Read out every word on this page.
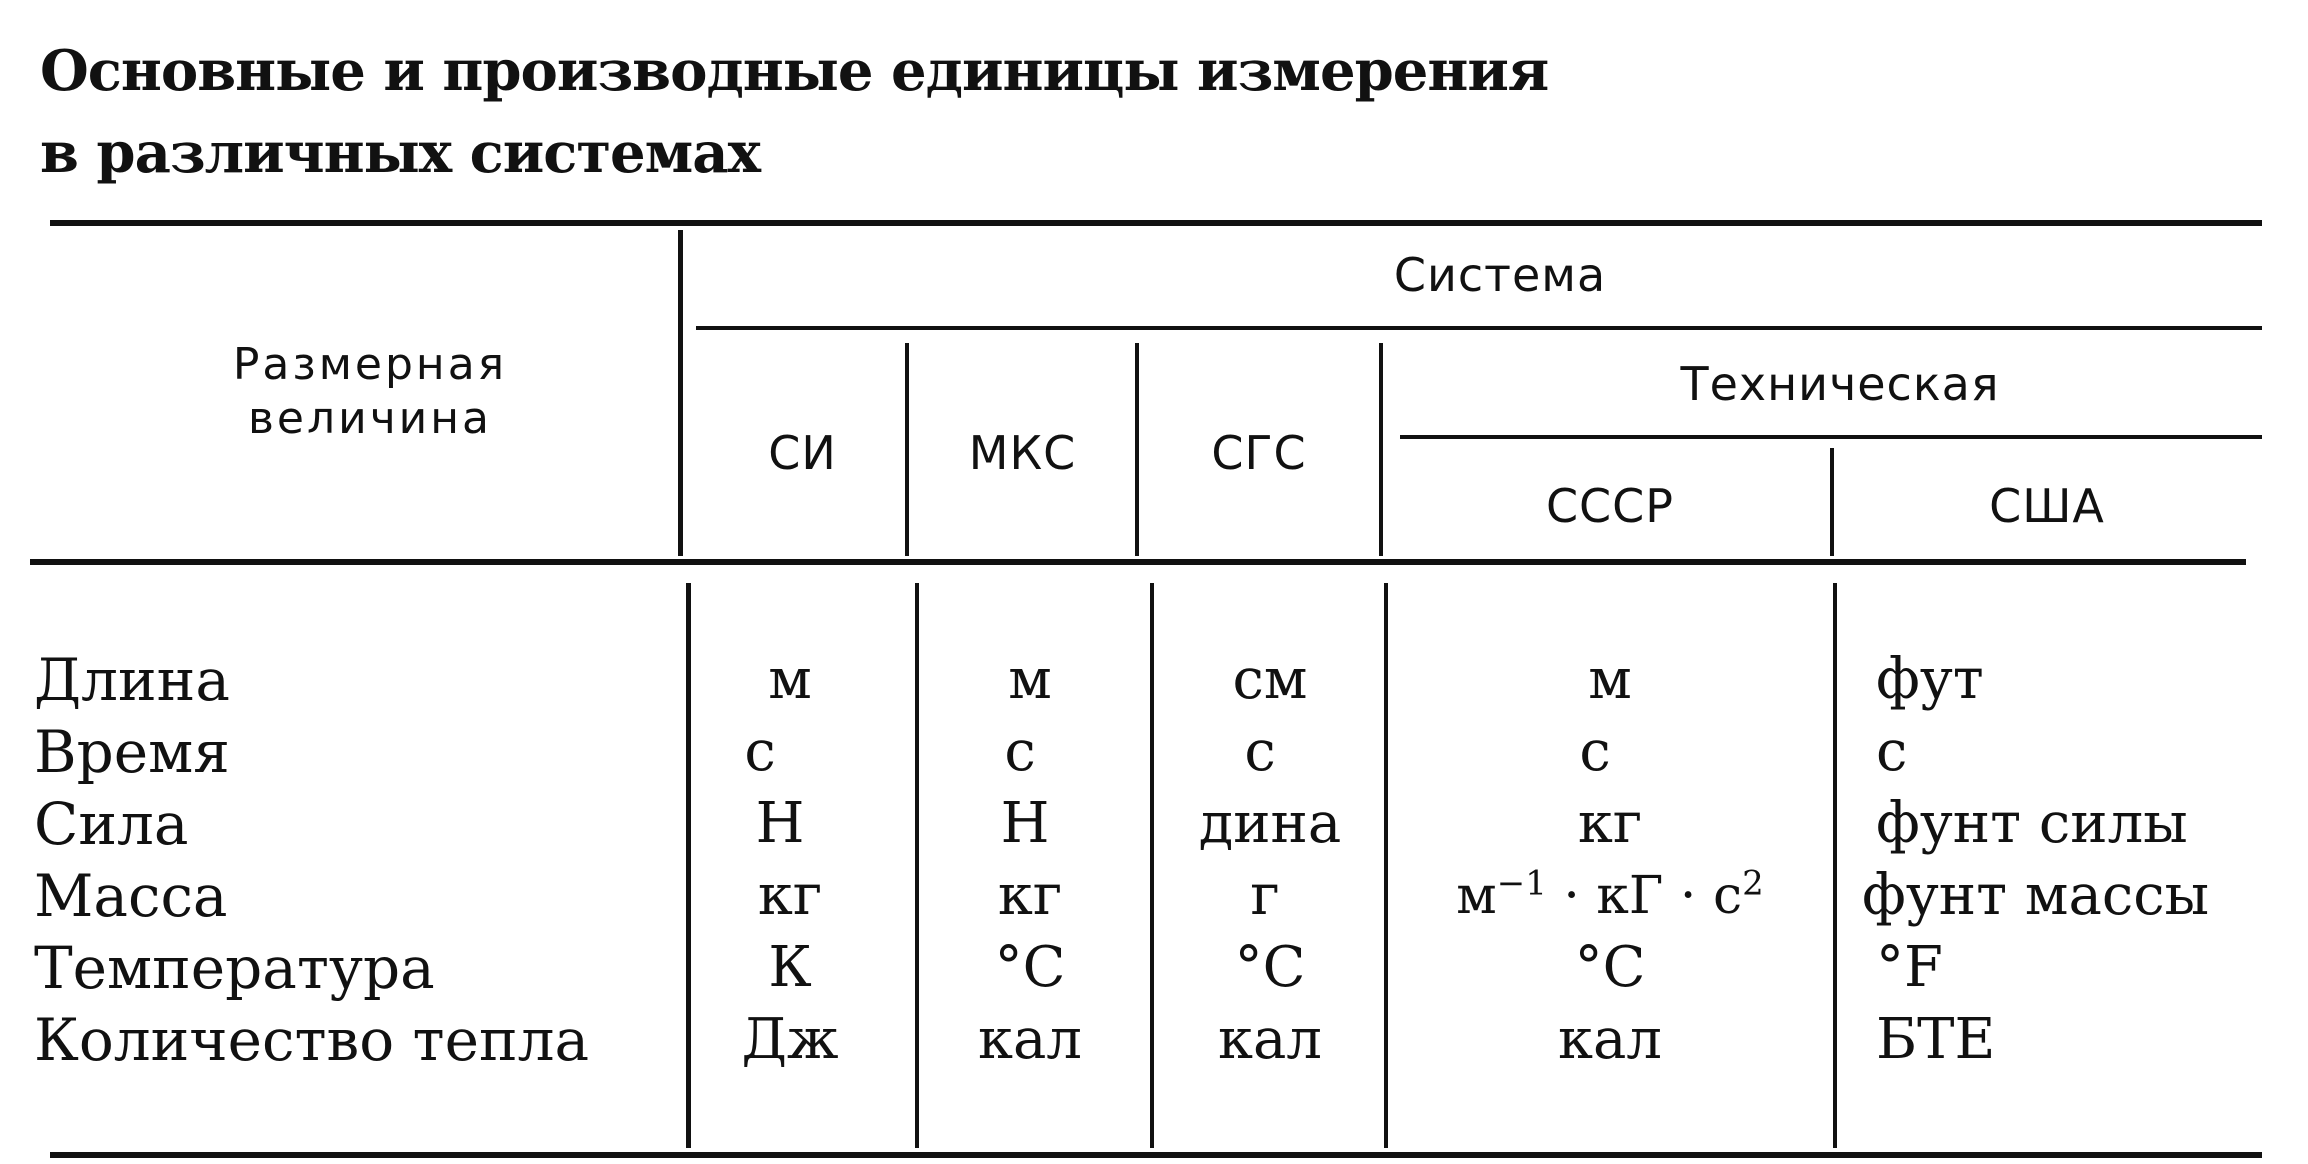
Основные и производные единицы измерения
в различных системах
Размерная
величина
Система
Техническая
СИ	МКС	СГС
СССР	США
Длина	м	м	см	м	фут
Время	с	с	с	с	с
Сила	Н	Н	дина	кг	фунт силы
Масса	кг	кг	г	$м^{-1}$ · кГ · $с^2$	фунт массы
Температура	К	°С	°С	°С	°F
Количество тепла	Дж	кал	кал	кал	БТЕ
